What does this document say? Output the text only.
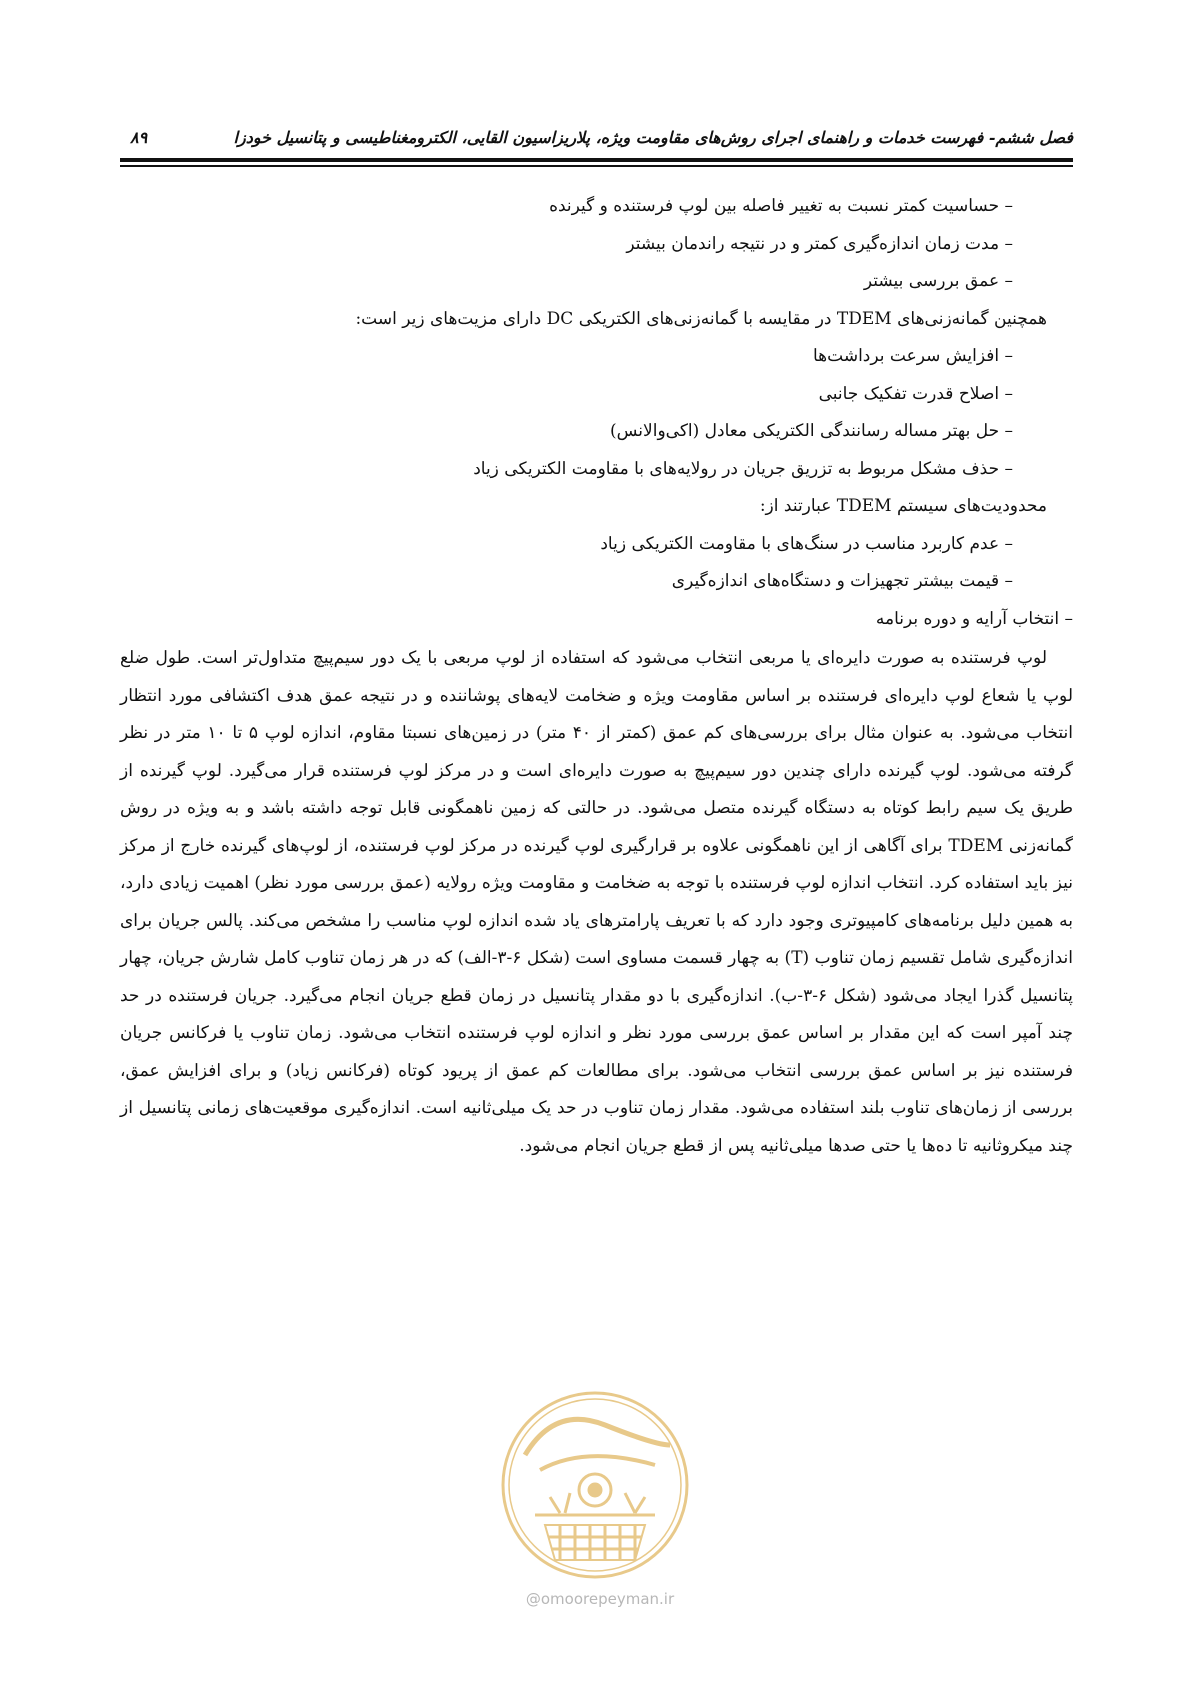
فصل ششم- فهرست خدمات و راهنمای اجرای روش‌های مقاومت ویژه، پلاریزاسیون القایی، الکترومغناطیسی و پتانسیل خودزا
۸۹
– حساسیت کمتر نسبت به تغییر فاصله بین لوپ فرستنده و گیرنده
– مدت زمان اندازه‌گیری کمتر و در نتیجه راندمان بیشتر
– عمق بررسی بیشتر
همچنین گمانه‌زنی‌های TDEM در مقایسه با گمانه‌زنی‌های الکتریکی DC دارای مزیت‌های زیر است:
– افزایش سرعت برداشت‌ها
– اصلاح قدرت تفکیک جانبی
– حل بهتر مساله رسانندگی الکتریکی معادل (اکی‌والانس)
– حذف مشکل مربوط به تزریق جریان در رولایه‌های با مقاومت الکتریکی زیاد
محدودیت‌های سیستم TDEM عبارتند از:
– عدم کاربرد مناسب در سنگ‌های با مقاومت الکتریکی زیاد
– قیمت بیشتر تجهیزات و دستگاه‌های اندازه‌گیری
– انتخاب آرایه و دوره برنامه
لوپ فرستنده به صورت دایره‌ای یا مربعی انتخاب می‌شود که استفاده از لوپ مربعی با یک دور سیم‌پیچ متداول‌تر است. طول ضلع لوپ یا شعاع لوپ دایره‌ای فرستنده بر اساس مقاومت ویژه و ضخامت لایه‌های پوشاننده و در نتیجه عمق هدف اکتشافی مورد انتظار انتخاب می‌شود. به عنوان مثال برای بررسی‌های کم عمق (کمتر از ۴۰ متر) در زمین‌های نسبتا مقاوم، اندازه لوپ ۵ تا ۱۰ متر در نظر گرفته می‌شود. لوپ گیرنده دارای چندین دور سیم‌پیچ به صورت دایره‌ای است و در مرکز لوپ فرستنده قرار می‌گیرد. لوپ گیرنده از طریق یک سیم رابط کوتاه به دستگاه گیرنده متصل می‌شود. در حالتی که زمین ناهمگونی قابل توجه داشته باشد و به ویژه در روش گمانه‌زنی TDEM برای آگاهی از این ناهمگونی علاوه بر قرارگیری لوپ گیرنده در مرکز لوپ فرستنده، از لوپ‌های گیرنده خارج از مرکز نیز باید استفاده کرد. انتخاب اندازه لوپ فرستنده با توجه به ضخامت و مقاومت ویژه رولایه (عمق بررسی مورد نظر) اهمیت زیادی دارد، به همین دلیل برنامه‌های کامپیوتری وجود دارد که با تعریف پارامترهای یاد شده اندازه لوپ مناسب را مشخص می‌کند. پالس جریان برای اندازه‌گیری شامل تقسیم زمان تناوب (T) به چهار قسمت مساوی است (شکل ۶-۳-الف) که در هر زمان تناوب کامل شارش جریان، چهار پتانسیل گذرا ایجاد می‌شود (شکل ۶-۳-ب). اندازه‌گیری با دو مقدار پتانسیل در زمان قطع جریان انجام می‌گیرد. جریان فرستنده در حد چند آمپر است که این مقدار بر اساس عمق بررسی مورد نظر و اندازه لوپ فرستنده انتخاب می‌شود. زمان تناوب یا فرکانس جریان فرستنده نیز بر اساس عمق بررسی انتخاب می‌شود. برای مطالعات کم عمق از پریود کوتاه (فرکانس زیاد) و برای افزایش عمق، بررسی از زمان‌های تناوب بلند استفاده می‌شود. مقدار زمان تناوب در حد یک میلی‌ثانیه است. اندازه‌گیری موقعیت‌های زمانی پتانسیل از چند میکروثانیه تا ده‌ها یا حتی صدها میلی‌ثانیه پس از قطع جریان انجام می‌شود.
@omoorepeyman.ir
